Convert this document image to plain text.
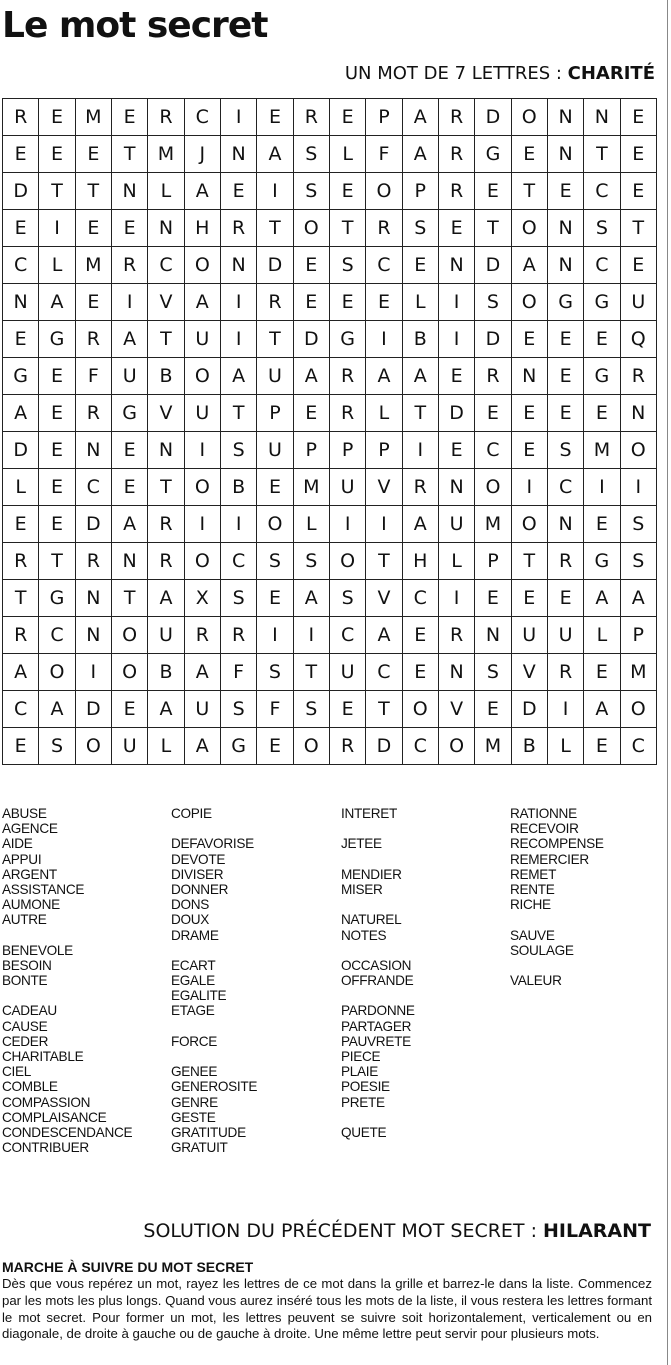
Le mot secret
UN MOT DE 7 LETTRES : CHARITÉ
R	E	M	E	R	C	I	E	R	E	P	A	R	D	O	N	N	E
E	E	E	T	M	J	N	A	S	L	F	A	R	G	E	N	T	E
D	T	T	N	L	A	E	I	S	E	O	P	R	E	T	E	C	E
E	I	E	E	N	H	R	T	O	T	R	S	E	T	O	N	S	T
C	L	M	R	C	O	N	D	E	S	C	E	N	D	A	N	C	E
N	A	E	I	V	A	I	R	E	E	E	L	I	S	O	G	G	U
E	G	R	A	T	U	I	T	D	G	I	B	I	D	E	E	E	Q
G	E	F	U	B	O	A	U	A	R	A	A	E	R	N	E	G	R
A	E	R	G	V	U	T	P	E	R	L	T	D	E	E	E	E	N
D	E	N	E	N	I	S	U	P	P	P	I	E	C	E	S	M	O
L	E	C	E	T	O	B	E	M	U	V	R	N	O	I	C	I	I
E	E	D	A	R	I	I	O	L	I	I	A	U	M	O	N	E	S
R	T	R	N	R	O	C	S	S	O	T	H	L	P	T	R	G	S
T	G	N	T	A	X	S	E	A	S	V	C	I	E	E	E	A	A
R	C	N	O	U	R	R	I	I	C	A	E	R	N	U	U	L	P
A	O	I	O	B	A	F	S	T	U	C	E	N	S	V	R	E	M
C	A	D	E	A	U	S	F	S	E	T	O	V	E	D	I	A	O
E	S	O	U	L	A	G	E	O	R	D	C	O	M	B	L	E	C
ABUSE
AGENCE
AIDE
APPUI
ARGENT
ASSISTANCE
AUMONE
AUTRE
BENEVOLE
BESOIN
BONTE
CADEAU
CAUSE
CEDER
CHARITABLE
CIEL
COMBLE
COMPASSION
COMPLAISANCE
CONDESCENDANCE
CONTRIBUER
COPIE
DEFAVORISE
DEVOTE
DIVISER
DONNER
DONS
DOUX
DRAME
ECART
EGALE
EGALITE
ETAGE
FORCE
GENEE
GENEROSITE
GENRE
GESTE
GRATITUDE
GRATUIT
INTERET
JETEE
MENDIER
MISER
NATUREL
NOTES
OCCASION
OFFRANDE
PARDONNE
PARTAGER
PAUVRETE
PIECE
PLAIE
POESIE
PRETE
QUETE
RATIONNE
RECEVOIR
RECOMPENSE
REMERCIER
REMET
RENTE
RICHE
SAUVE
SOULAGE
VALEUR
SOLUTION DU PRÉCÉDENT MOT SECRET : HILARANT
MARCHE À SUIVRE DU MOT SECRET

Dès que vous repérez un mot, rayez les lettres de ce mot dans la grille et barrez-le dans la liste. Commencez par les mots les plus longs. Quand vous aurez inséré tous les mots de la liste, il vous restera les lettres formant le mot secret. Pour former un mot, les lettres peuvent se suivre soit horizontalement, verticalement ou en diagonale, de droite à gauche ou de gauche à droite. Une même lettre peut servir pour plusieurs mots.
